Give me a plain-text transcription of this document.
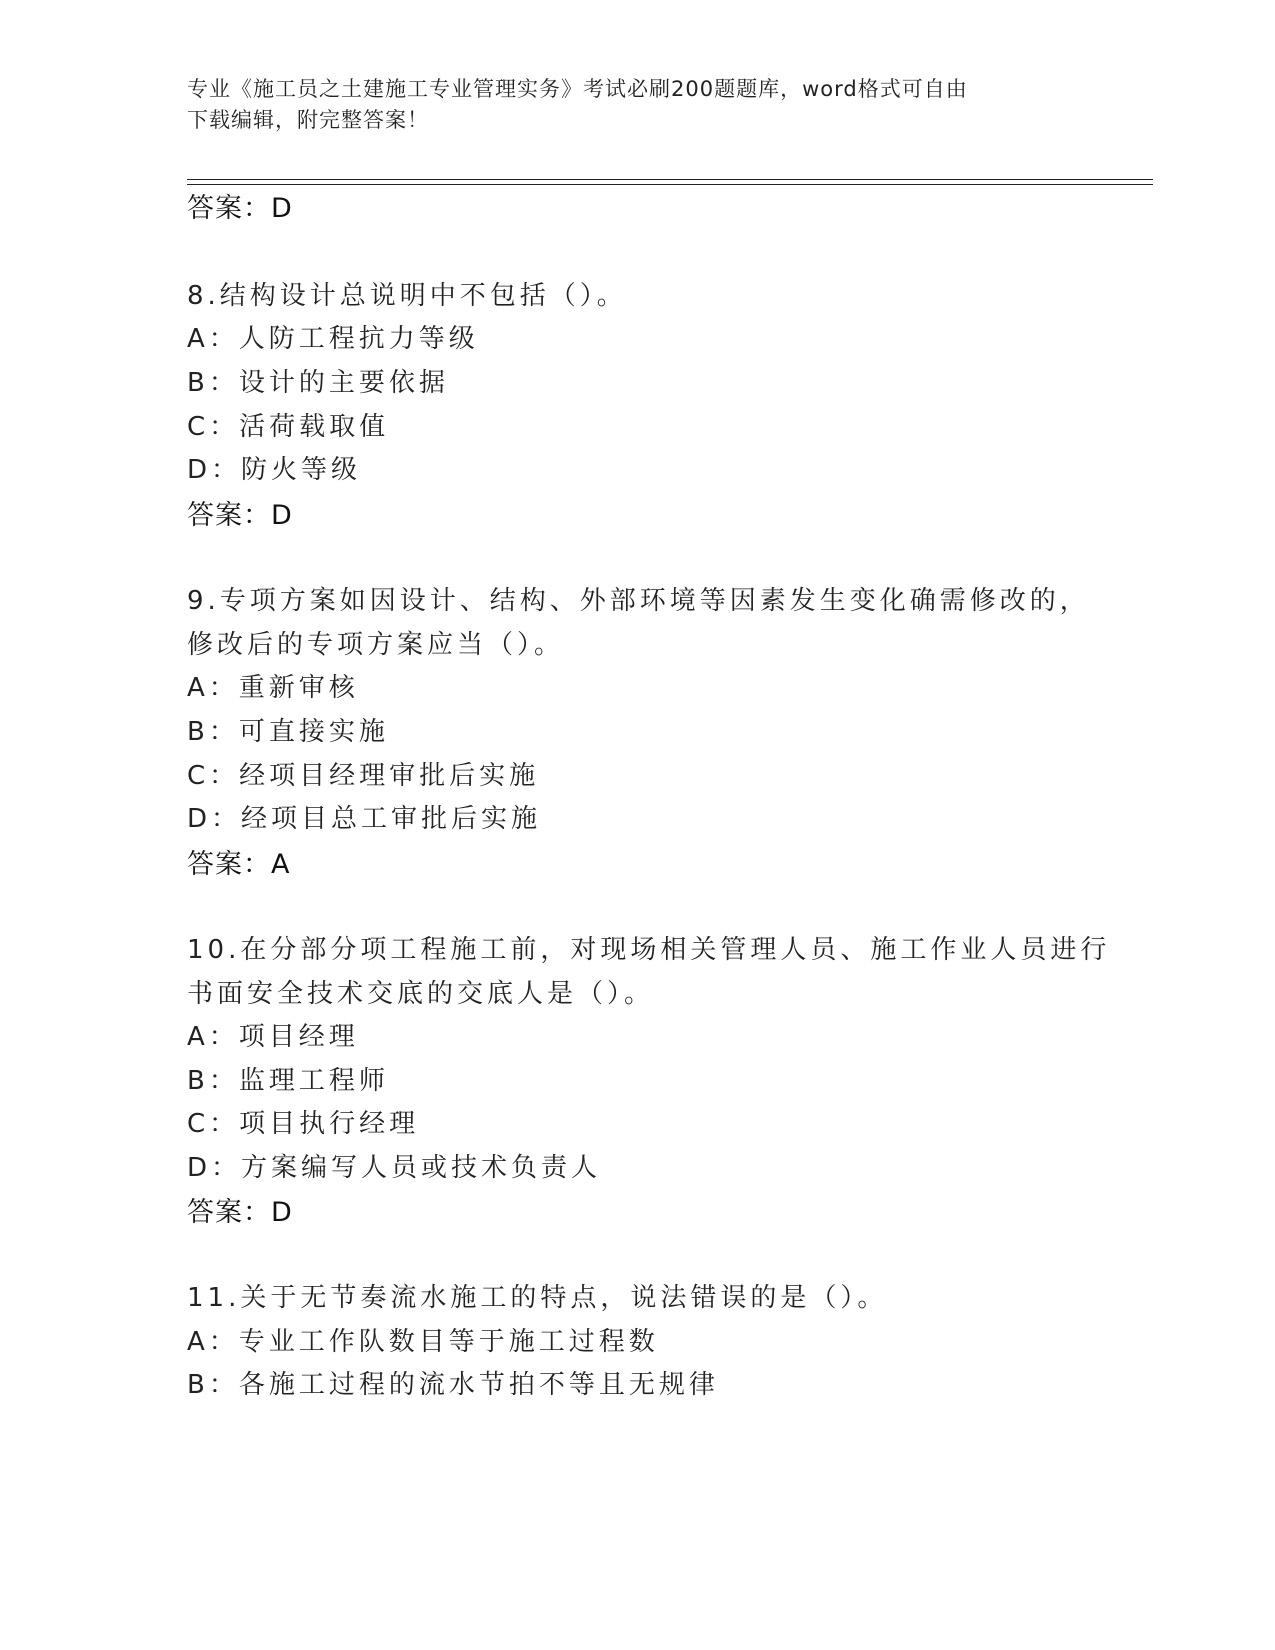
专业《施工员之土建施工专业管理实务》考试必刷200题题库，word格式可自由
下载编辑，附完整答案！
答案：D
8.结构设计总说明中不包括（）。
A：人防工程抗力等级
B：设计的主要依据
C：活荷载取值
D：防火等级
答案：D
9.专项方案如因设计、结构、外部环境等因素发生变化确需修改的，
修改后的专项方案应当（）。
A：重新审核
B：可直接实施
C：经项目经理审批后实施
D：经项目总工审批后实施
答案：A
10.在分部分项工程施工前，对现场相关管理人员、施工作业人员进行
书面安全技术交底的交底人是（）。
A：项目经理
B：监理工程师
C：项目执行经理
D：方案编写人员或技术负责人
答案：D
11.关于无节奏流水施工的特点，说法错误的是（）。
A：专业工作队数目等于施工过程数
B：各施工过程的流水节拍不等且无规律
